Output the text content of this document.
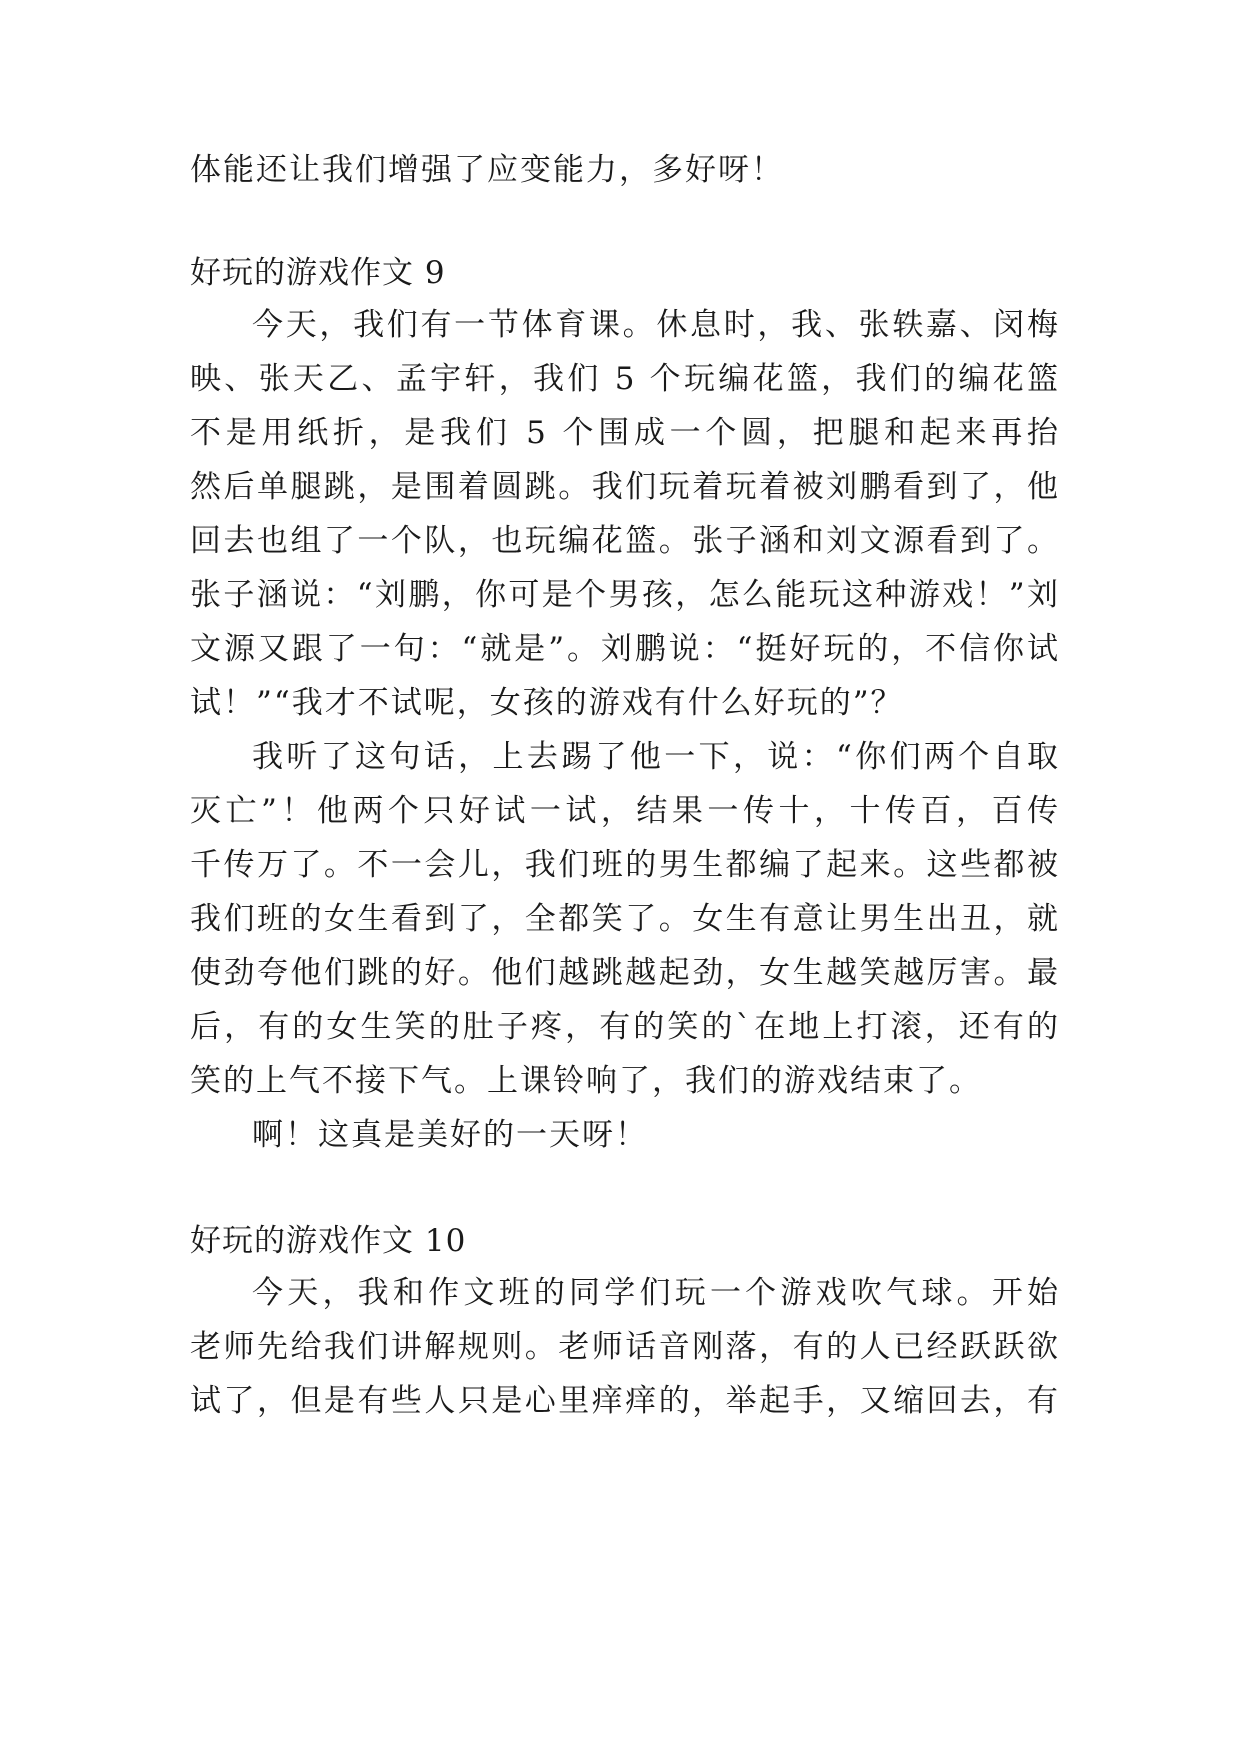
体能还让我们增强了应变能力，多好呀！
好玩的游戏作文 9
今天，我们有一节体育课。休息时，我、张轶嘉、闵梅
映、张天乙、孟宇轩，我们 5 个玩编花篮，我们的编花篮
不是用纸折，是我们 5 个围成一个圆，把腿和起来再抬
然后单腿跳，是围着圆跳。我们玩着玩着被刘鹏看到了，他
回去也组了一个队，也玩编花篮。张子涵和刘文源看到了。
张子涵说：“刘鹏，你可是个男孩，怎么能玩这种游戏！”刘
文源又跟了一句：“就是”。刘鹏说：“挺好玩的，不信你试
试！”“我才不试呢，女孩的游戏有什么好玩的”？
我听了这句话，上去踢了他一下，说：“你们两个自取
灭亡”！他两个只好试一试，结果一传十，十传百，百传
千传万了。不一会儿，我们班的男生都编了起来。这些都被
我们班的女生看到了，全都笑了。女生有意让男生出丑，就
使劲夸他们跳的好。他们越跳越起劲，女生越笑越厉害。最
后，有的女生笑的肚子疼，有的笑的`在地上打滚，还有的
笑的上气不接下气。上课铃响了，我们的游戏结束了。
啊！这真是美好的一天呀！
好玩的游戏作文 10
今天，我和作文班的同学们玩一个游戏吹气球。开始
老师先给我们讲解规则。老师话音刚落，有的人已经跃跃欲
试了，但是有些人只是心里痒痒的，举起手，又缩回去，有
